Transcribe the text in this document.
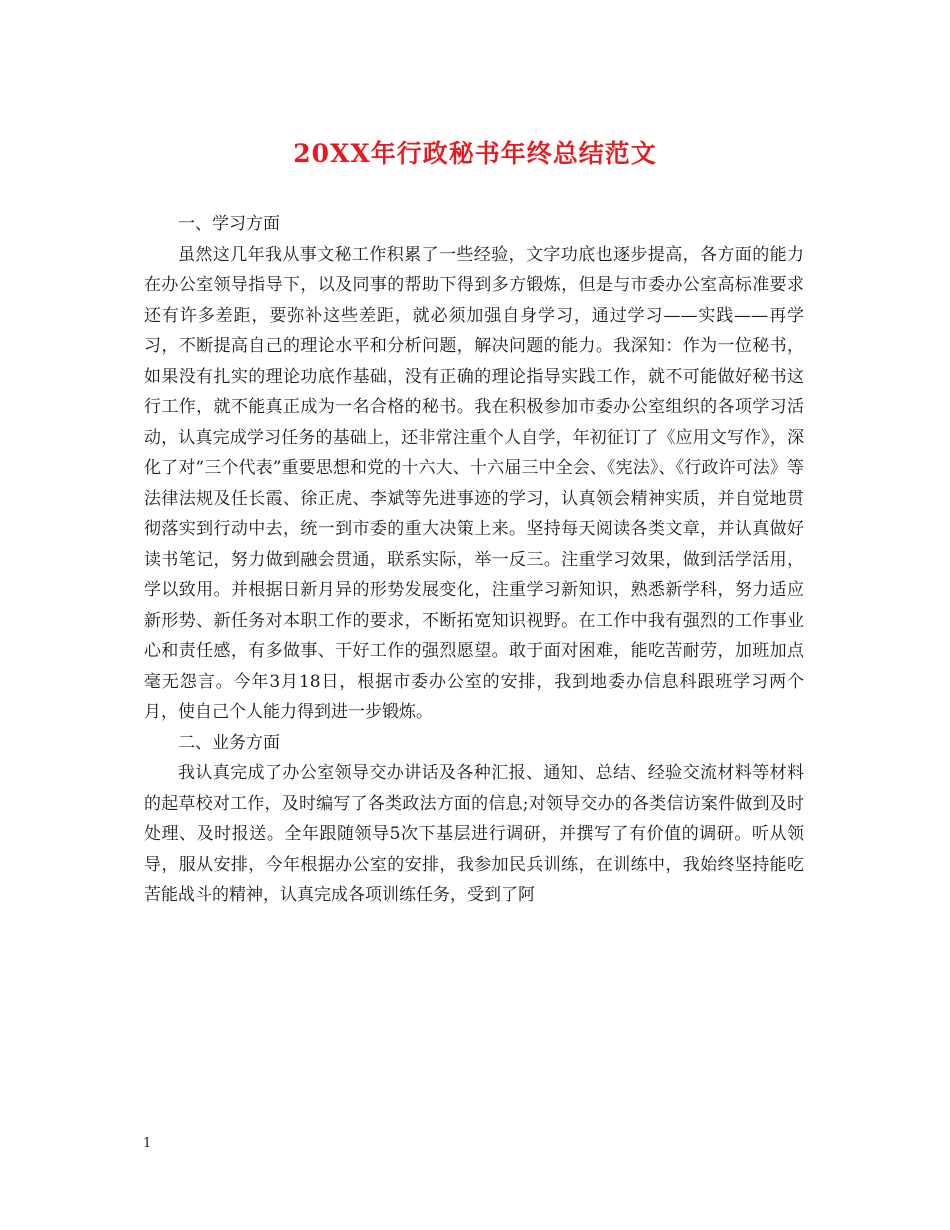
20XX年行政秘书年终总结范文

一、学习方面

虽然这几年我从事文秘工作积累了一些经验，文字功底也逐步提高，各方面的能力在办公室领导指导下，以及同事的帮助下得到多方锻炼，但是与市委办公室高标准要求还有许多差距，要弥补这些差距，就必须加强自身学习，通过学习——实践——再学习，不断提高自己的理论水平和分析问题，解决问题的能力。我深知：作为一位秘书，如果没有扎实的理论功底作基础，没有正确的理论指导实践工作，就不可能做好秘书这行工作，就不能真正成为一名合格的秘书。我在积极参加市委办公室组织的各项学习活动，认真完成学习任务的基础上，还非常注重个人自学，年初征订了《应用文写作》，深化了对“三个代表”重要思想和党的十六大、十六届三中全会、《宪法》、《行政许可法》等法律法规及任长霞、徐正虎、李斌等先进事迹的学习，认真领会精神实质，并自觉地贯彻落实到行动中去，统一到市委的重大决策上来。坚持每天阅读各类文章，并认真做好读书笔记，努力做到融会贯通，联系实际，举一反三。注重学习效果，做到活学活用，学以致用。并根据日新月异的形势发展变化，注重学习新知识，熟悉新学科，努力适应新形势、新任务对本职工作的要求，不断拓宽知识视野。在工作中我有强烈的工作事业心和责任感，有多做事、干好工作的强烈愿望。敢于面对困难，能吃苦耐劳，加班加点毫无怨言。今年3月18日，根据市委办公室的安排，我到地委办信息科跟班学习两个月，使自己个人能力得到进一步锻炼。

二、业务方面

我认真完成了办公室领导交办讲话及各种汇报、通知、总结、经验交流材料等材料的起草校对工作，及时编写了各类政法方面的信息;对领导交办的各类信访案件做到及时处理、及时报送。全年跟随领导5次下基层进行调研，并撰写了有价值的调研。听从领导，服从安排，今年根据办公室的安排，我参加民兵训练，在训练中，我始终坚持能吃苦能战斗的精神，认真完成各项训练任务，受到了阿

1
